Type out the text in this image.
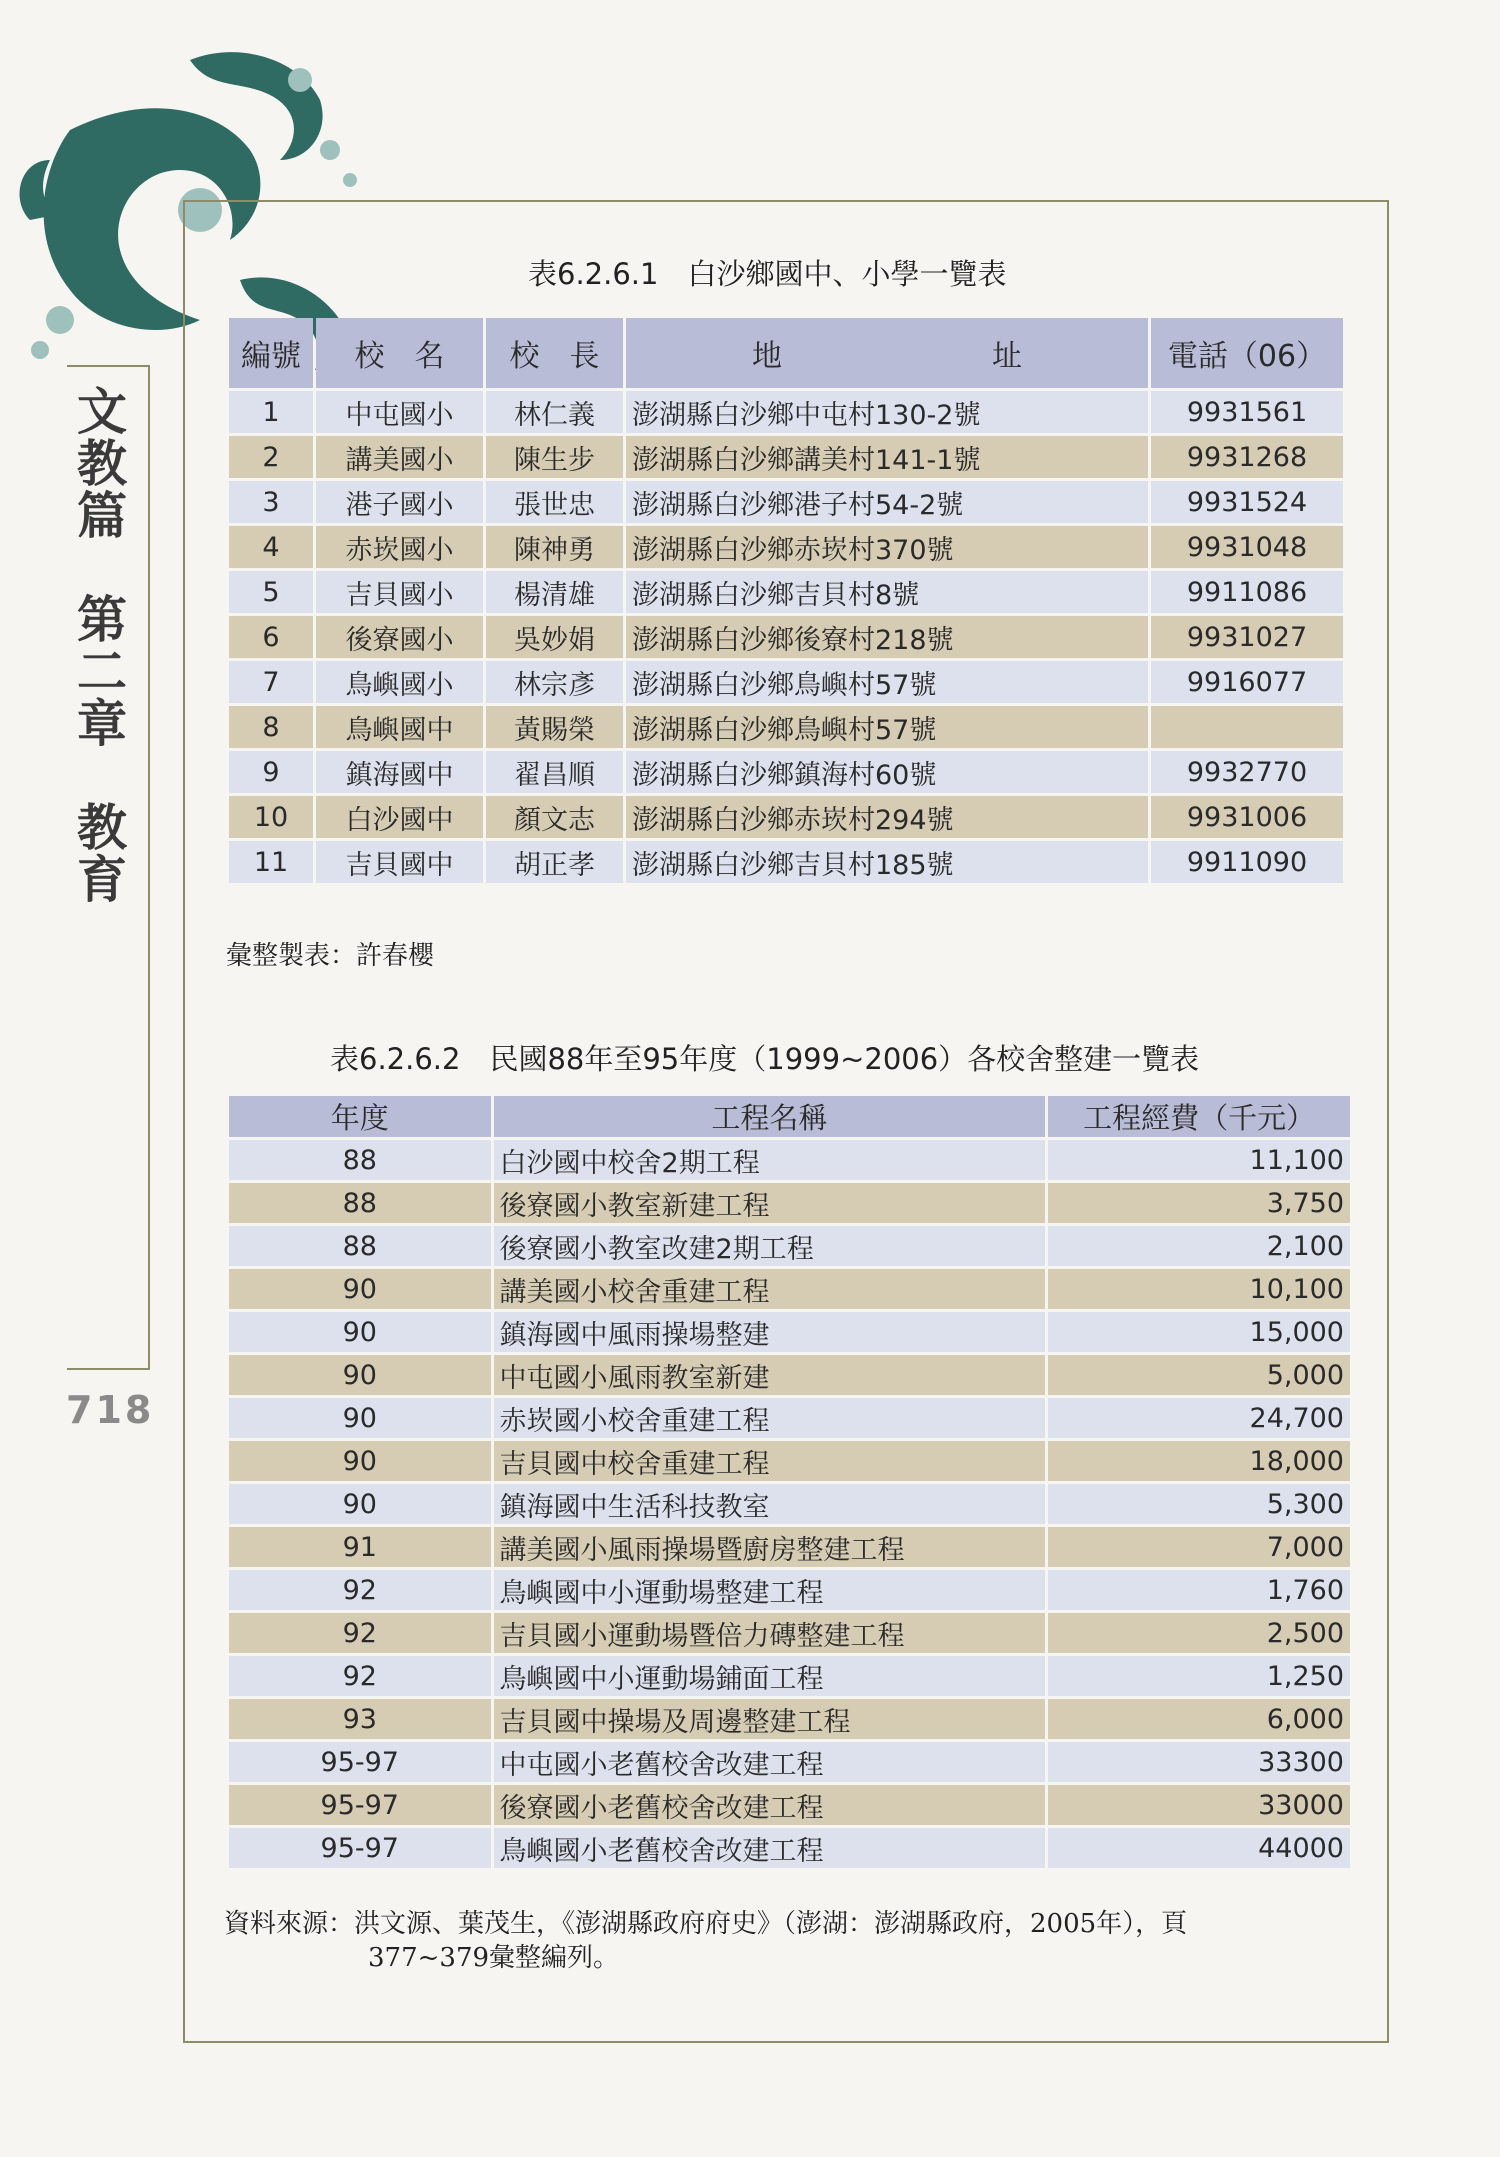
文教篇　第二章　教育
718
表6.2.6.1　白沙鄉國中、小學一覽表
編號	校　名	校　長	地　　　　　　　址	電話（06）
1	中屯國小	林仁義	澎湖縣白沙鄉中屯村130-2號	9931561
2	講美國小	陳生步	澎湖縣白沙鄉講美村141-1號	9931268
3	港子國小	張世忠	澎湖縣白沙鄉港子村54-2號	9931524
4	赤崁國小	陳神勇	澎湖縣白沙鄉赤崁村370號	9931048
5	吉貝國小	楊清雄	澎湖縣白沙鄉吉貝村8號	9911086
6	後寮國小	吳妙娟	澎湖縣白沙鄉後寮村218號	9931027
7	鳥嶼國小	林宗彥	澎湖縣白沙鄉鳥嶼村57號	9916077
8	鳥嶼國中	黃賜榮	澎湖縣白沙鄉鳥嶼村57號	
9	鎮海國中	翟昌順	澎湖縣白沙鄉鎮海村60號	9932770
10	白沙國中	顏文志	澎湖縣白沙鄉赤崁村294號	9931006
11	吉貝國中	胡正孝	澎湖縣白沙鄉吉貝村185號	9911090
彙整製表：許春櫻
表6.2.6.2　民國88年至95年度（1999~2006）各校舍整建一覽表
年度	工程名稱	工程經費（千元）
88	白沙國中校舍2期工程	11,100
88	後寮國小教室新建工程	3,750
88	後寮國小教室改建2期工程	2,100
90	講美國小校舍重建工程	10,100
90	鎮海國中風雨操場整建	15,000
90	中屯國小風雨教室新建	5,000
90	赤崁國小校舍重建工程	24,700
90	吉貝國中校舍重建工程	18,000
90	鎮海國中生活科技教室	5,300
91	講美國小風雨操場暨廚房整建工程	7,000
92	鳥嶼國中小運動場整建工程	1,760
92	吉貝國小運動場暨倍力磚整建工程	2,500
92	鳥嶼國中小運動場鋪面工程	1,250
93	吉貝國中操場及周邊整建工程	6,000
95-97	中屯國小老舊校舍改建工程	33300
95-97	後寮國小老舊校舍改建工程	33000
95-97	鳥嶼國小老舊校舍改建工程	44000
資料來源：洪文源、葉茂生，《澎湖縣政府府史》（澎湖：澎湖縣政府，2005年），頁
377~379彙整編列。
